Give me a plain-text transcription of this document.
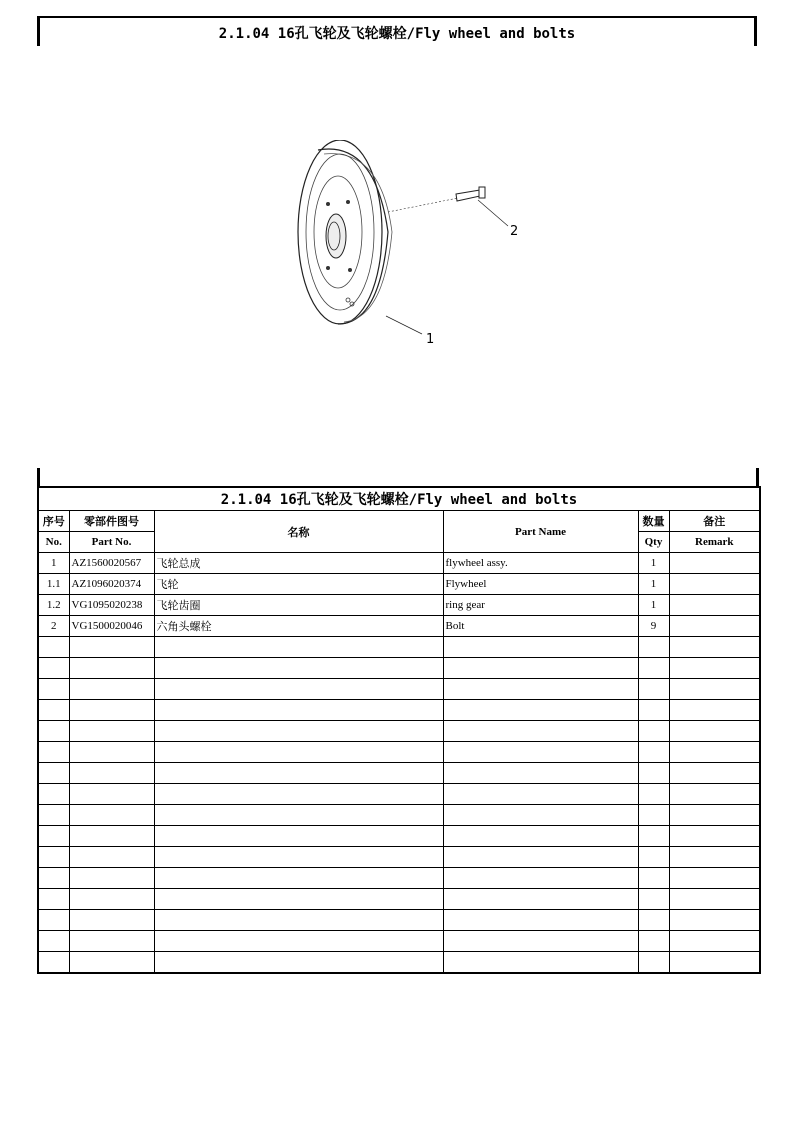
2.1.04 16孔飞轮及飞轮螺栓/Fly wheel and bolts
2
1
2.1.04 16孔飞轮及飞轮螺栓/Fly wheel and bolts					
序号	零部件图号	名称	Part Name	数量	备注
No.	Part No.			Qty	Remark
1	AZ1560020567	飞轮总成	flywheel assy.	1	
1.1	AZ1096020374	飞轮	Flywheel	1	
1.2	VG1095020238	飞轮齿圈	ring gear	1	
2	VG1500020046	六角头螺栓	Bolt	9	
